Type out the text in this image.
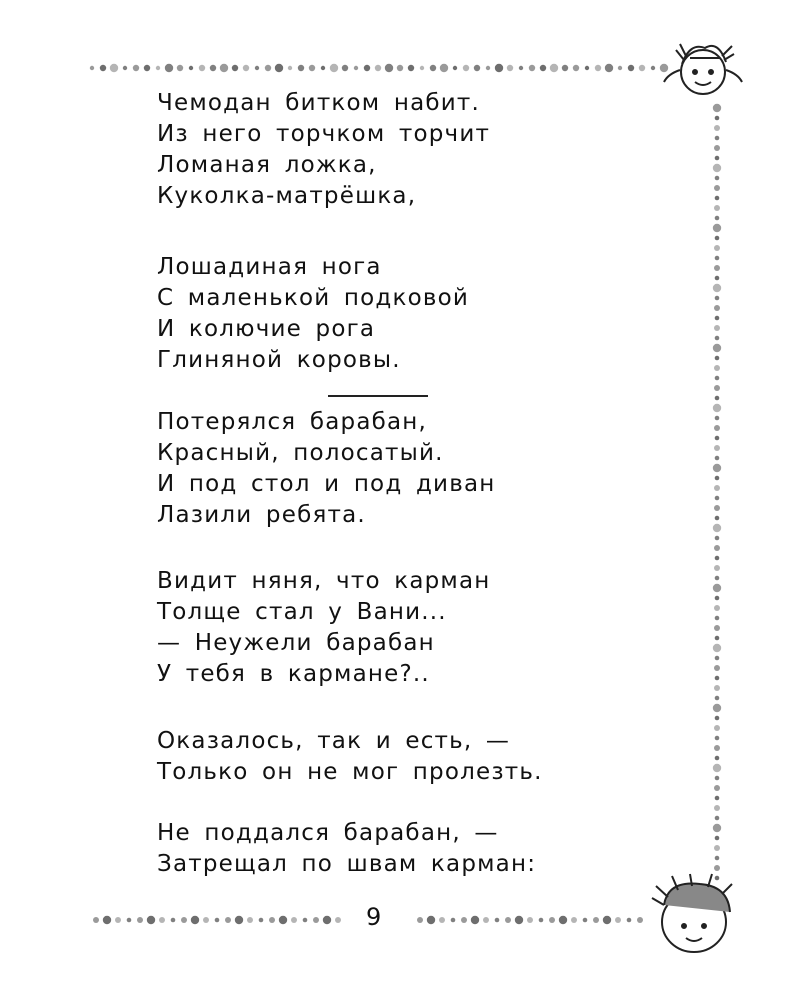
Чемодан битком набит.
Из него торчком торчит
Ломаная ложка,
Куколка-матрёшка,
Лошадиная нога
С маленькой подковой
И колючие рога
Глиняной коровы.
Потерялся барабан,
Красный, полосатый.
И под стол и под диван
Лазили ребята.
Видит няня, что карман
Толще стал у Вани...
— Неужели барабан
У тебя в кармане?..
Оказалось, так и есть, —
Только он не мог пролезть.
Не поддался барабан, —
Затрещал по швам карман:
9
